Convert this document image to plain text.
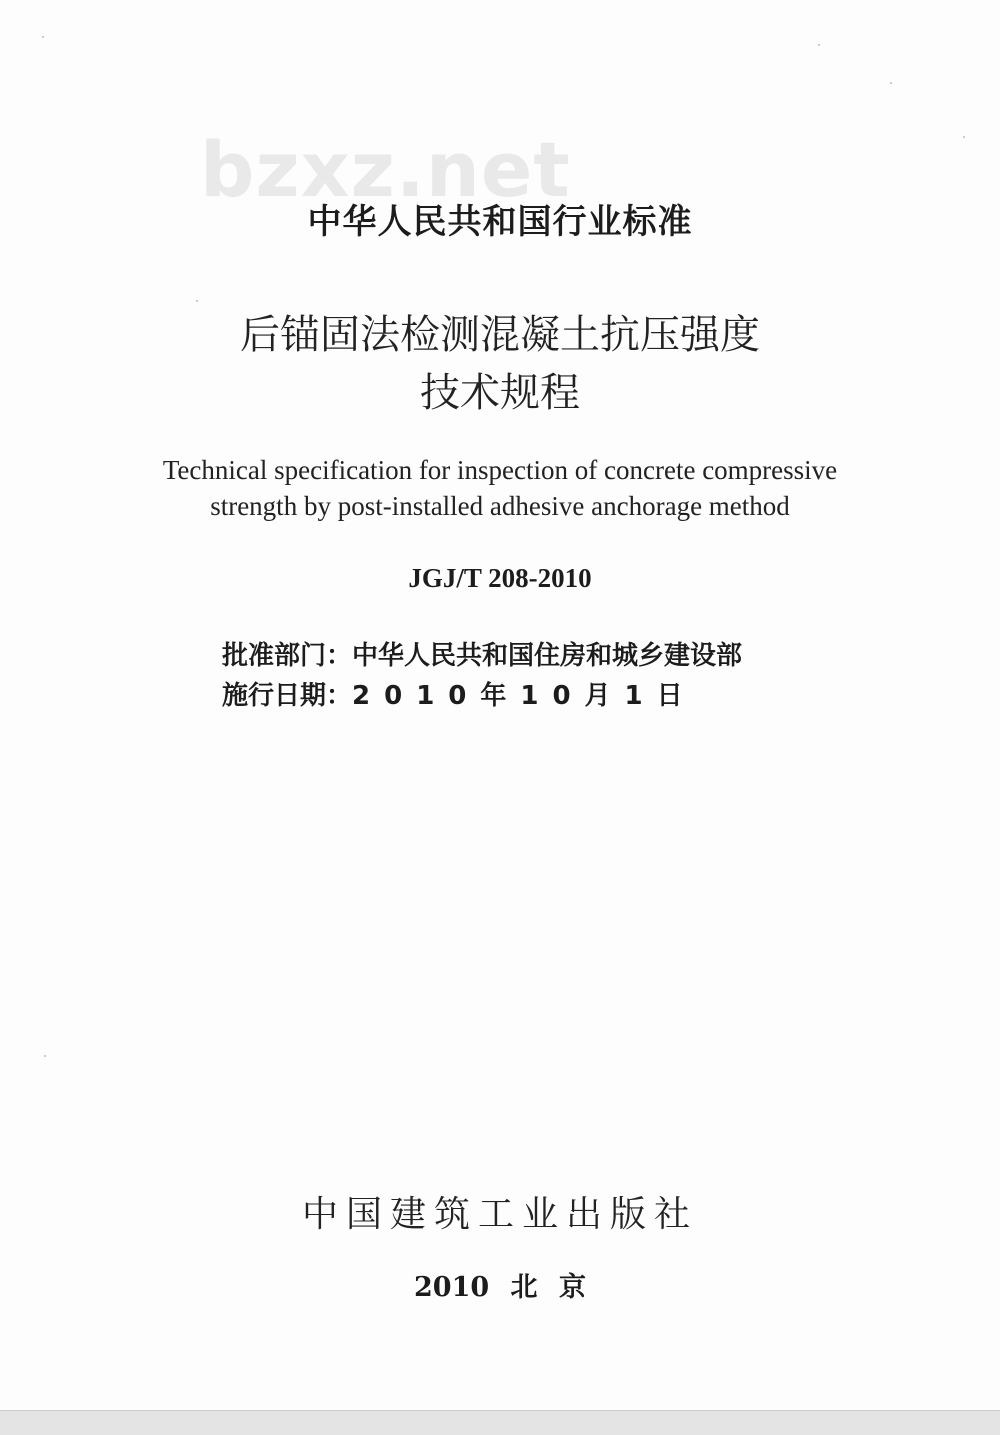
bzxz.net
中华人民共和国行业标准
后锚固法检测混凝土抗压强度
技术规程
Technical specification for inspection of concrete compressive
strength by post-installed adhesive anchorage method
JGJ/T 208-2010
批准部门：中华人民共和国住房和城乡建设部
施行日期：2010年10月1日
中国建筑工业出版社
2010 北 京
